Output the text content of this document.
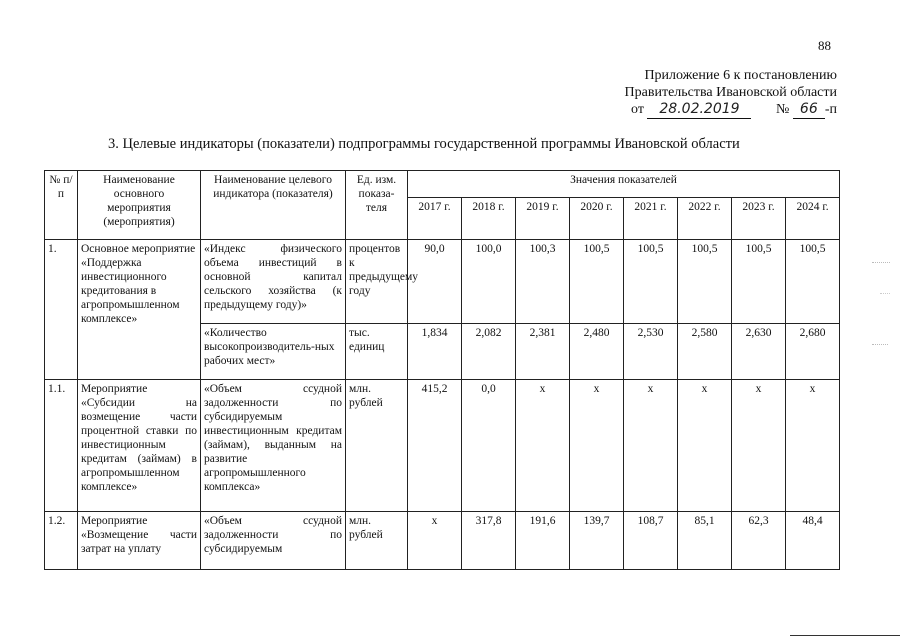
88
Приложение 6 к постановлению
Правительства Ивановской области
от 28.02.2019	№ 66 -п
3. Целевые индикаторы (показатели) подпрограммы государственной программы Ивановской области
№ п/п	Наименование основного мероприятия (мероприятия)	Наименование целевого индикатора (показателя)	Ед. изм. показа-теля	Значения показателей							
				2017 г.	2018 г.	2019 г.	2020 г.	2021 г.	2022 г.	2023 г.	2024 г.
1.	Основное мероприятие «Поддержка инвестиционного кредитования в агропромышленном комплексе»	«Индекс физического объема инвестиций в основной капитал сельского хозяйства (к предыдущему году)»	процентов к предыдущему году	90,0	100,0	100,3	100,5	100,5	100,5	100,5	100,5
		«Количество высокопроизводитель-ных рабочих мест»	тыс. единиц	1,834	2,082	2,381	2,480	2,530	2,580	2,630	2,680
1.1.	Мероприятие «Субсидии на возмещение части процентной ставки по инвестиционным кредитам (займам) в агропромышленном комплексе»	«Объем ссудной задолженности по субсидируемым инвестиционным кредитам (займам), выданным на развитие агропромышленного комплекса»	млн. рублей	415,2	0,0	x	x	x	x	x	x
1.2.	Мероприятие «Возмещение части затрат на уплату	«Объем ссудной задолженности по субсидируемым	млн. рублей	x	317,8	191,6	139,7	108,7	85,1	62,3	48,4
